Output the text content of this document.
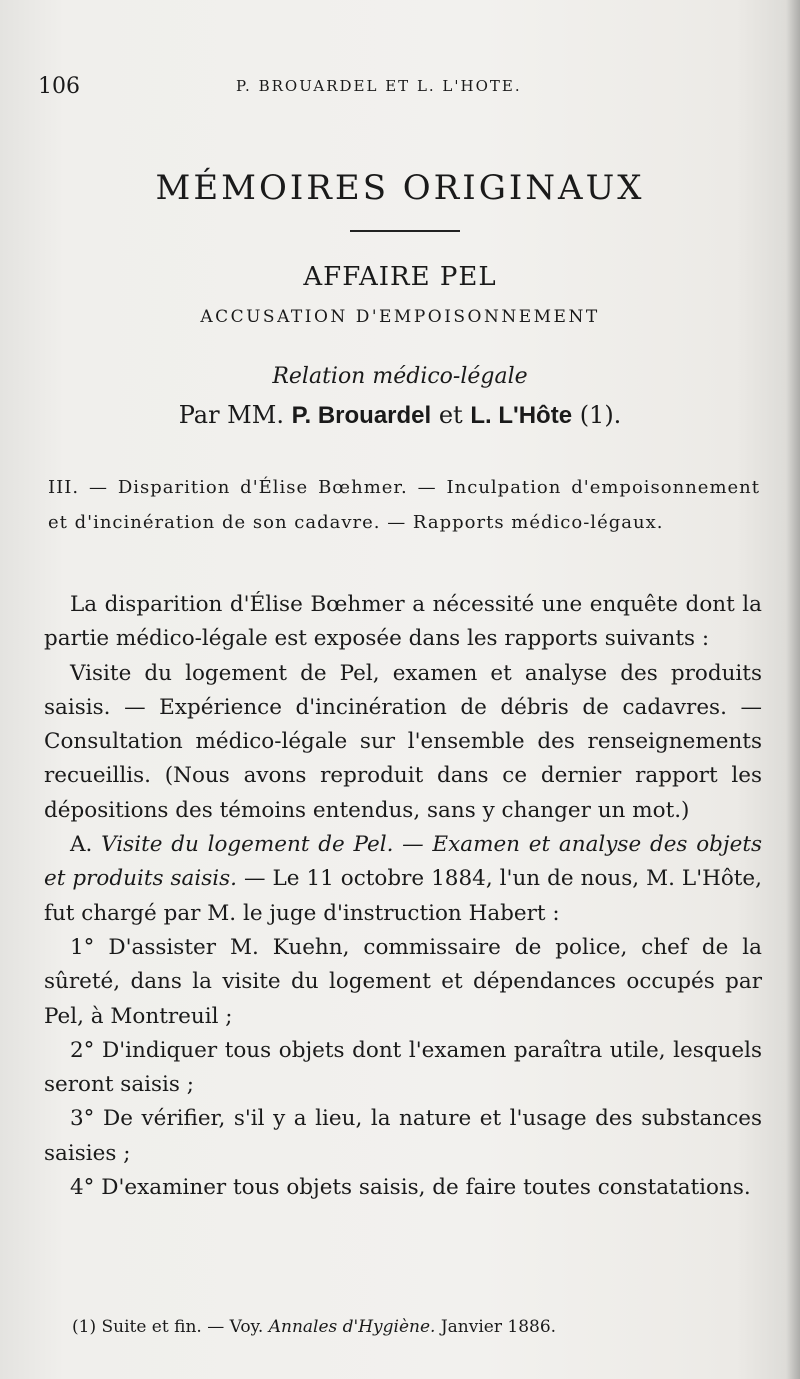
106	P. BROUARDEL ET L. L'HOTE.
MÉMOIRES ORIGINAUX
AFFAIRE PEL
ACCUSATION D'EMPOISONNEMENT
Relation médico-légale
Par MM. P. Brouardel et L. L'Hôte (1).

III. — Disparition d'Élise Bœhmer. — Inculpation d'empoisonnement et d'incinération de son cadavre. — Rapports médico-légaux.

La disparition d'Élise Bœhmer a nécessité une enquête dont la partie médico-légale est exposée dans les rapports suivants :

Visite du logement de Pel, examen et analyse des produits saisis. — Expérience d'incinération de débris de cadavres. — Consultation médico-légale sur l'ensemble des renseignements recueillis. (Nous avons reproduit dans ce dernier rapport les dépositions des témoins entendus, sans y changer un mot.)

A. Visite du logement de Pel. — Examen et analyse des objets et produits saisis. — Le 11 octobre 1884, l'un de nous, M. L'Hôte, fut chargé par M. le juge d'instruction Habert :

1° D'assister M. Kuehn, commissaire de police, chef de la sûreté, dans la visite du logement et dépendances occupés par Pel, à Montreuil ;

2° D'indiquer tous objets dont l'examen paraîtra utile, lesquels seront saisis ;

3° De vérifier, s'il y a lieu, la nature et l'usage des substances saisies ;

4° D'examiner tous objets saisis, de faire toutes constatations.

(1) Suite et fin. — Voy. Annales d'Hygiène. Janvier 1886.
